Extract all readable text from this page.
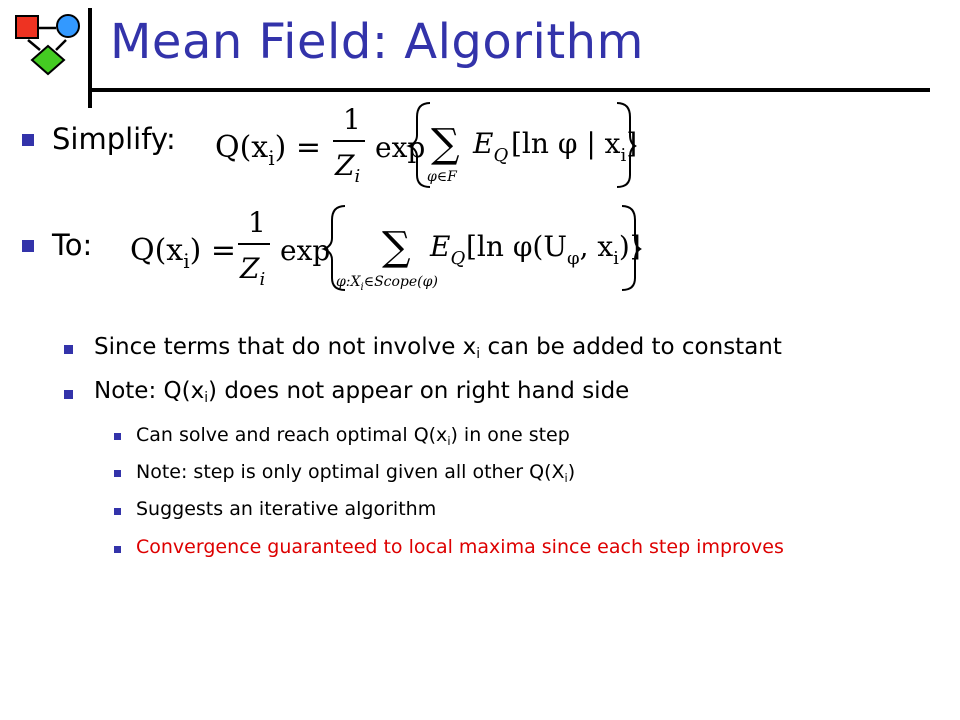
Mean Field: Algorithm
Simplify: $Q(x_i)$ =
1
$Z_i$
exp ∑
φ∈F
$E_Q$ [ln φ | $x_i$]
To: $Q(x_i)$ =
1
$Z_i$
exp ∑
$\varphi:X_i\in Scope(\varphi)$
$E_Q$ [ln $\varphi(U_\varphi$, $x_i$)]
Since terms that do not involve $x_i$ can be added to constant
Note: $Q(x_i)$ does not appear on right hand side
Can solve and reach optimal $Q(x_i)$ in one step
Note: step is only optimal given all other $Q(X_i)$
Suggests an iterative algorithm
Convergence guaranteed to local maxima since each step improves
